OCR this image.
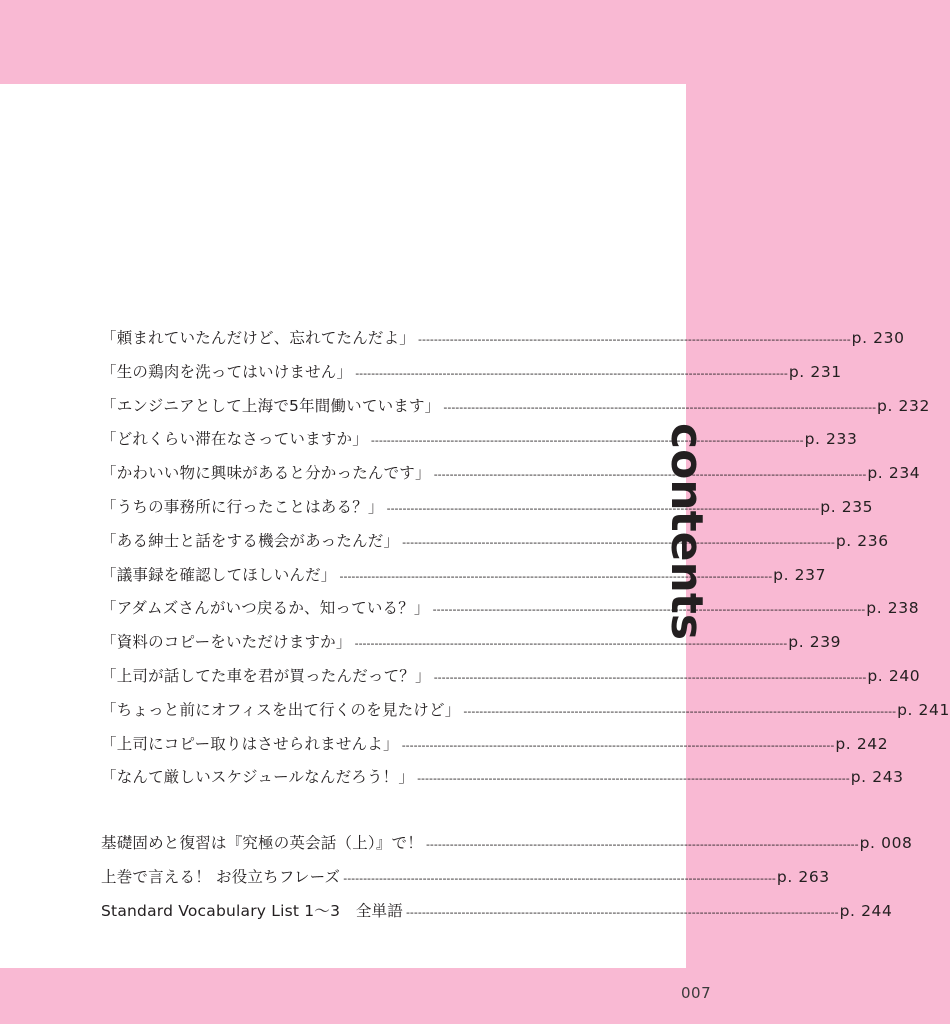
「頼まれていたんだけど、忘れてたんだよ」 ------------------------------------------------------------------------------------------------------------- p. 230
「生の鶏肉を洗ってはいけません」 ------------------------------------------------------------------------------------------------------------- p. 231
「エンジニアとして上海で5年間働いています」 ------------------------------------------------------------------------------------------------------------- p. 232
「どれくらい滞在なさっていますか」 ------------------------------------------------------------------------------------------------------------- p. 233
「かわいい物に興味があると分かったんです」 ------------------------------------------------------------------------------------------------------------- p. 234
「うちの事務所に行ったことはある？」 ------------------------------------------------------------------------------------------------------------- p. 235
「ある紳士と話をする機会があったんだ」 ------------------------------------------------------------------------------------------------------------- p. 236
「議事録を確認してほしいんだ」 ------------------------------------------------------------------------------------------------------------- p. 237
「アダムズさんがいつ戻るか、知っている？」 ------------------------------------------------------------------------------------------------------------- p. 238
「資料のコピーをいただけますか」 ------------------------------------------------------------------------------------------------------------- p. 239
「上司が話してた車を君が買ったんだって？」 ------------------------------------------------------------------------------------------------------------- p. 240
「ちょっと前にオフィスを出て行くのを見たけど」 ------------------------------------------------------------------------------------------------------------- p. 241
「上司にコピー取りはさせられませんよ」 ------------------------------------------------------------------------------------------------------------- p. 242
「なんて厳しいスケジュールなんだろう！」 ------------------------------------------------------------------------------------------------------------- p. 243
基礎固めと復習は『究極の英会話（上）』で！ ------------------------------------------------------------------------------------------------------------- p. 008
上巻で言える！ お役立ちフレーズ ------------------------------------------------------------------------------------------------------------- p. 263
Standard Vocabulary List 1〜3　全単語 ------------------------------------------------------------------------------------------------------------- p. 244
contents
007
